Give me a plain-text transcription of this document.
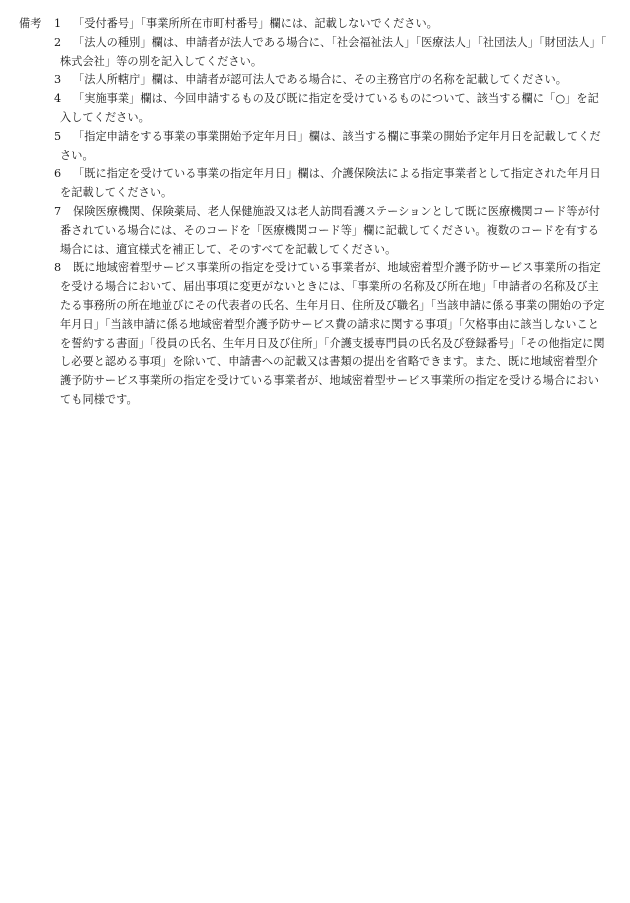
備考 1	「受付番号」「事業所所在市町村番号」欄には、記載しないでください。
2	「法人の種別」欄は、申請者が法人である場合に、「社会福祉法人」「医療法人」「社団法人」「財団法人」「株式会社」等の別を記入してください。
3	「法人所轄庁」欄は、申請者が認可法人である場合に、その主務官庁の名称を記載してください。
4	「実施事業」欄は、今回申請するもの及び既に指定を受けているものについて、該当する欄に「○」を記入してください。
5	「指定申請をする事業の事業開始予定年月日」欄は、該当する欄に事業の開始予定年月日を記載してください。
6	「既に指定を受けている事業の指定年月日」欄は、介護保険法による指定事業者として指定された年月日を記載してください。
7	保険医療機関、保険薬局、老人保健施設又は老人訪問看護ステーションとして既に医療機関コード等が付番されている場合には、そのコードを「医療機関コード等」欄に記載してください。複数のコードを有する場合には、適宜様式を補正して、そのすべてを記載してください。
8	既に地域密着型サービス事業所の指定を受けている事業者が、地域密着型介護予防サービス事業所の指定を受ける場合において、届出事項に変更がないときには、「事業所の名称及び所在地」「申請者の名称及び主たる事務所の所在地並びにその代表者の氏名、生年月日、住所及び職名」「当該申請に係る事業の開始の予定年月日」「当該申請に係る地域密着型介護予防サービス費の請求に関する事項」「欠格事由に該当しないことを誓約する書面」「役員の氏名、生年月日及び住所」「介護支援専門員の氏名及び登録番号」「その他指定に関し必要と認める事項」を除いて、申請書への記載又は書類の提出を省略できます。また、既に地域密着型介護予防サービス事業所の指定を受けている事業者が、地域密着型サービス事業所の指定を受ける場合においても同様です。
